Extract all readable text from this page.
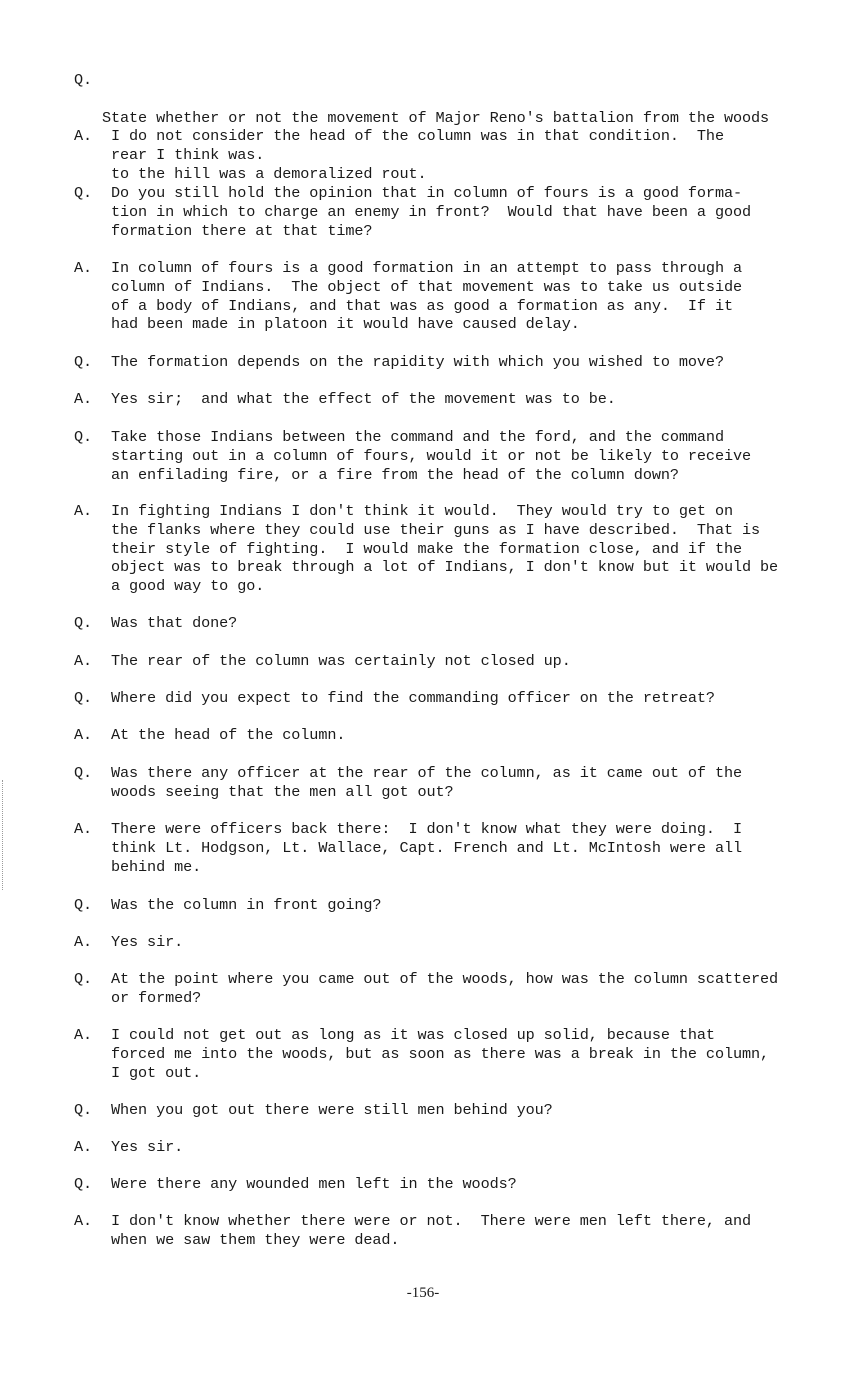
Q.

State whether or not the movement of Major Reno's battalion from the woods

to the hill was a demoralized rout.

A.	I do not consider the head of the column was in that condition.  The
rear I think was.
Q.	Do you still hold the opinion that in column of fours is a good forma-
tion in which to charge an enemy in front?  Would that have been a good
formation there at that time?
A.	In column of fours is a good formation in an attempt to pass through a
column of Indians.  The object of that movement was to take us outside
of a body of Indians, and that was as good a formation as any.  If it
had been made in platoon it would have caused delay.
Q.	The formation depends on the rapidity with which you wished to move?
A.	Yes sir;  and what the effect of the movement was to be.
Q.	Take those Indians between the command and the ford, and the command
starting out in a column of fours, would it or not be likely to receive
an enfilading fire, or a fire from the head of the column down?
A.	In fighting Indians I don't think it would.  They would try to get on
the flanks where they could use their guns as I have described.  That is
their style of fighting.  I would make the formation close, and if the
object was to break through a lot of Indians, I don't know but it would be
a good way to go.
Q.	Was that done?
A.	The rear of the column was certainly not closed up.
Q.	Where did you expect to find the commanding officer on the retreat?
A.	At the head of the column.
Q.	Was there any officer at the rear of the column, as it came out of the
woods seeing that the men all got out?
A.	There were officers back there:  I don't know what they were doing.  I
think Lt. Hodgson, Lt. Wallace, Capt. French and Lt. McIntosh were all
behind me.
Q.	Was the column in front going?
A.	Yes sir.
Q.	At the point where you came out of the woods, how was the column scattered
or formed?
A.	I could not get out as long as it was closed up solid, because that
forced me into the woods, but as soon as there was a break in the column,
I got out.
Q.	When you got out there were still men behind you?
A.	Yes sir.
Q.	Were there any wounded men left in the woods?
A.	I don't know whether there were or not.  There were men left there, and
when we saw them they were dead.
-156-
